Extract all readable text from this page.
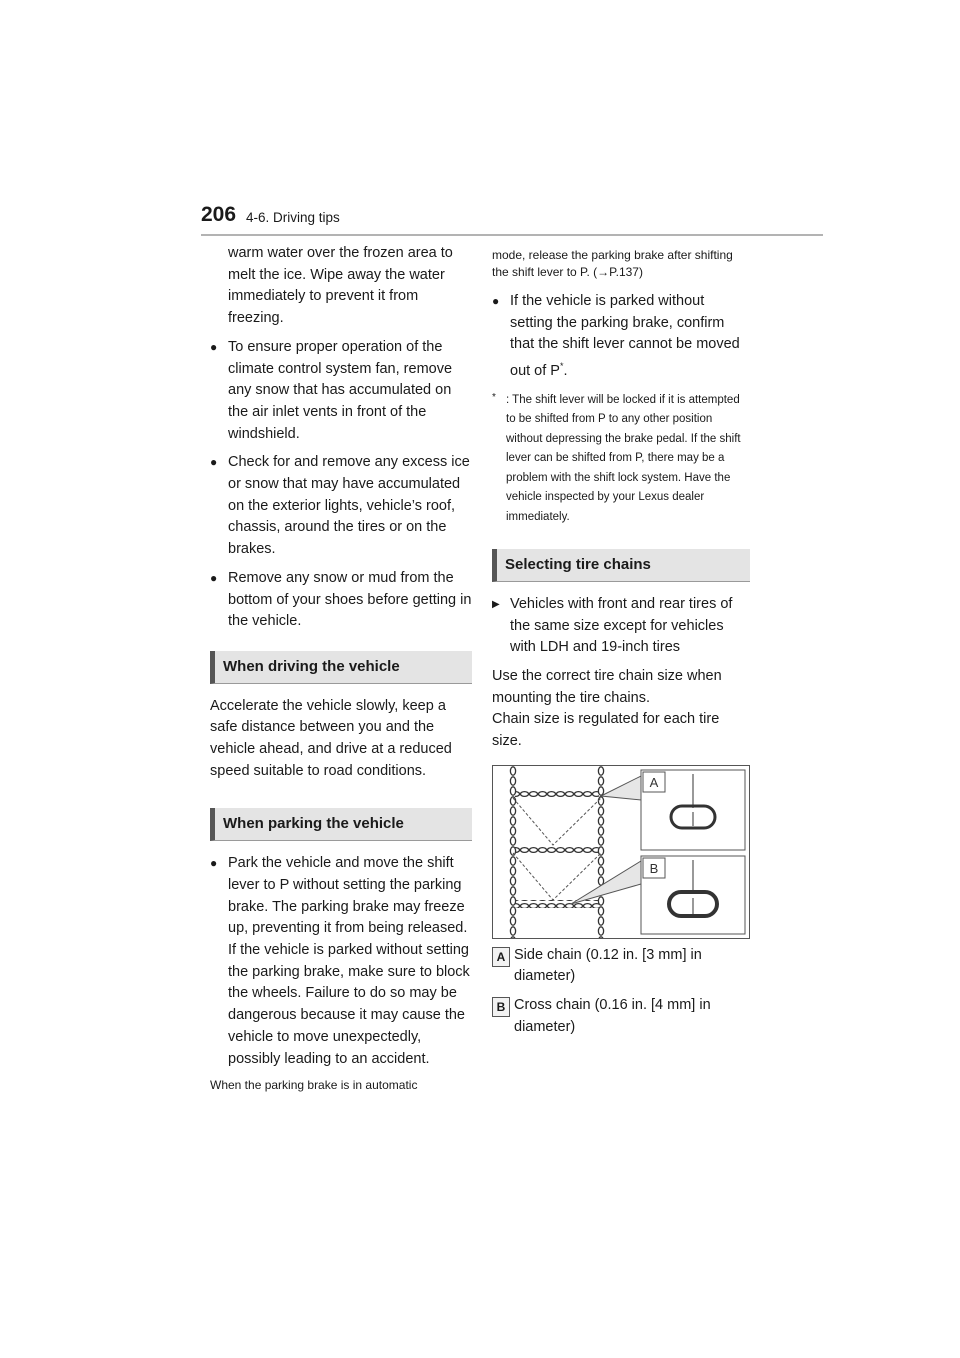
206 4-6. Driving tips

warm water over the frozen area to melt the ice. Wipe away the water immediately to prevent it from freezing.

● To ensure proper operation of the climate control system fan, remove any snow that has accumulated on the air inlet vents in front of the windshield.
● Check for and remove any excess ice or snow that may have accumulated on the exterior lights, vehicle’s roof, chassis, around the tires or on the brakes.
● Remove any snow or mud from the bottom of your shoes before getting in the vehicle.
When driving the vehicle

Accelerate the vehicle slowly, keep a safe distance between you and the vehicle ahead, and drive at a reduced speed suitable to road conditions.

When parking the vehicle
● Park the vehicle and move the shift lever to P without setting the parking brake. The parking brake may freeze up, preventing it from being released. If the vehicle is parked without setting the parking brake, make sure to block the wheels. Failure to do so may be dangerous because it may cause the vehicle to move unexpectedly, possibly leading to an accident.

When the parking brake is in automatic

mode, release the parking brake after shifting the shift lever to P. (→P.137)

● If the vehicle is parked without setting the parking brake, confirm that the shift lever cannot be moved out of P*.
* : The shift lever will be locked if it is attempted to be shifted from P to any other position without depressing the brake pedal. If the shift lever can be shifted from P, there may be a problem with the shift lock system. Have the vehicle inspected by your Lexus dealer immediately.
Selecting tire chains
▶ Vehicles with front and rear tires of the same size except for vehicles with LDH and 19-inch tires

Use the correct tire chain size when mounting the tire chains.

Chain size is regulated for each tire size.

A
B
A Side chain (0.12 in. [3 mm] in diameter)
B Cross chain (0.16 in. [4 mm] in diameter)
